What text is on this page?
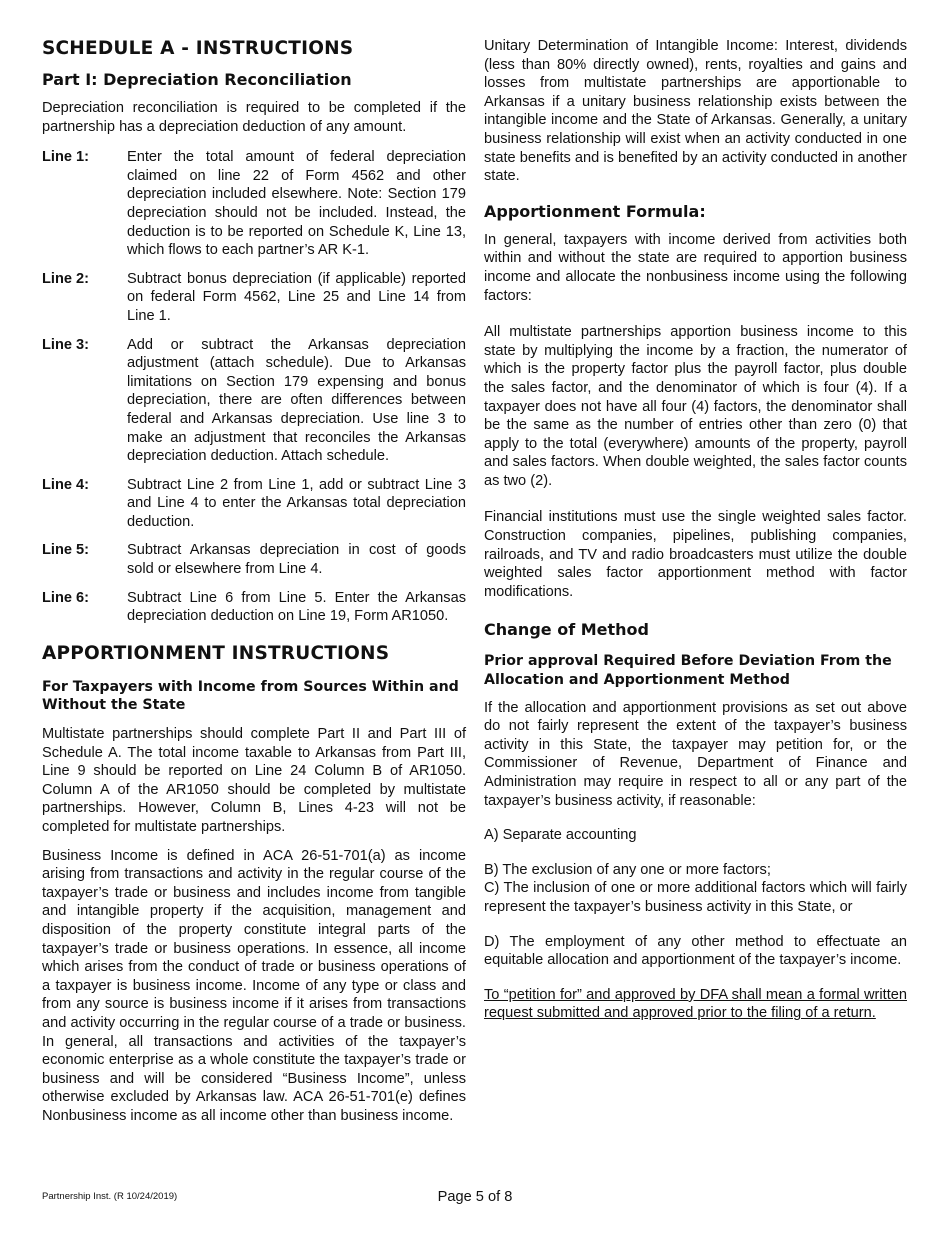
SCHEDULE A - INSTRUCTIONS
Part I: Depreciation Reconciliation

Depreciation reconciliation is required to be completed if the partnership has a depreciation deduction of any amount.

Line 1:	Enter the total amount of federal depreciation claimed on line 22 of Form 4562 and other depreciation included elsewhere. Note: Section 179 depreciation should not be included. Instead, the deduction is to be reported on Schedule K, Line 13, which flows to each partner’s AR K-1.
Line 2:	Subtract bonus depreciation (if applicable) reported on federal Form 4562, Line 25 and Line 14 from Line 1.
Line 3:	Add or subtract the Arkansas depreciation adjustment (attach schedule). Due to Arkansas limitations on Section 179 expensing and bonus depreciation, there are often differences between federal and Arkansas depreciation. Use line 3 to make an adjustment that reconciles the Arkansas depreciation deduction. Attach schedule.
Line 4:	Subtract Line 2 from Line 1, add or subtract Line 3 and Line 4 to enter the Arkansas total depreciation deduction.
Line 5:	Subtract Arkansas depreciation in cost of goods sold or elsewhere from Line 4.
Line 6:	Subtract Line 6 from Line 5. Enter the Arkansas depreciation deduction on Line 19, Form AR1050.
APPORTIONMENT INSTRUCTIONS
For Taxpayers with Income from Sources Within and Without the State

Multistate partnerships should complete Part II and Part III of Schedule A. The total income taxable to Arkansas from Part III, Line 9 should be reported on Line 24 Column B of AR1050. Column A of the AR1050 should be completed by multistate partnerships. However, Column B, Lines 4-23 will not be completed for multistate partnerships.

Business Income is defined in ACA 26-51-701(a) as income arising from transactions and activity in the regular course of the taxpayer’s trade or business and includes income from tangible and intangible property if the acquisition, management and disposition of the property constitute integral parts of the taxpayer’s trade or business operations. In essence, all income which arises from the conduct of trade or business operations of a taxpayer is business income. Income of any type or class and from any source is business income if it arises from transactions and activity occurring in the regular course of a trade or business. In general, all transactions and activities of the taxpayer’s economic enterprise as a whole constitute the taxpayer’s trade or business and will be considered “Business Income”, unless otherwise excluded by Arkansas law. ACA 26-51-701(e) defines Nonbusiness income as all income other than business income.

Unitary Determination of Intangible Income: Interest, dividends (less than 80% directly owned), rents, royalties and gains and losses from multistate partnerships are apportionable to Arkansas if a unitary business relationship exists between the intangible income and the State of Arkansas. Generally, a unitary business relationship will exist when an activity conducted in one state benefits and is benefited by an activity conducted in another state.

Apportionment Formula:

In general, taxpayers with income derived from activities both within and without the state are required to apportion business income and allocate the nonbusiness income using the following factors:

All multistate partnerships apportion business income to this state by multiplying the income by a fraction, the numerator of which is the property factor plus the payroll factor, plus double the sales factor, and the denominator of which is four (4). If a taxpayer does not have all four (4) factors, the denominator shall be the same as the number of entries other than zero (0) that apply to the total (everywhere) amounts of the property, payroll and sales factors. When double weighted, the sales factor counts as two (2).

Financial institutions must use the single weighted sales factor. Construction companies, pipelines, publishing companies, railroads, and TV and radio broadcasters must utilize the double weighted sales factor apportionment method with factor modifications.

Change of Method
Prior approval Required Before Deviation From the Allocation and Apportionment Method

If the allocation and apportionment provisions as set out above do not fairly represent the extent of the taxpayer’s business activity in this State, the taxpayer may petition for, or the Commissioner of Revenue, Department of Finance and Administration may require in respect to all or any part of the taxpayer’s business activity, if reasonable:

A) Separate accounting

B) The exclusion of any one or more factors;

C) The inclusion of one or more additional factors which will fairly represent the taxpayer’s business activity in this State, or

D) The employment of any other method to effectuate an equitable allocation and apportionment of the taxpayer’s income.

To “petition for” and approved by DFA shall mean a formal written request submitted and approved prior to the filing of a return.

Partnership Inst. (R 10/24/2019)	Page 5 of 8
